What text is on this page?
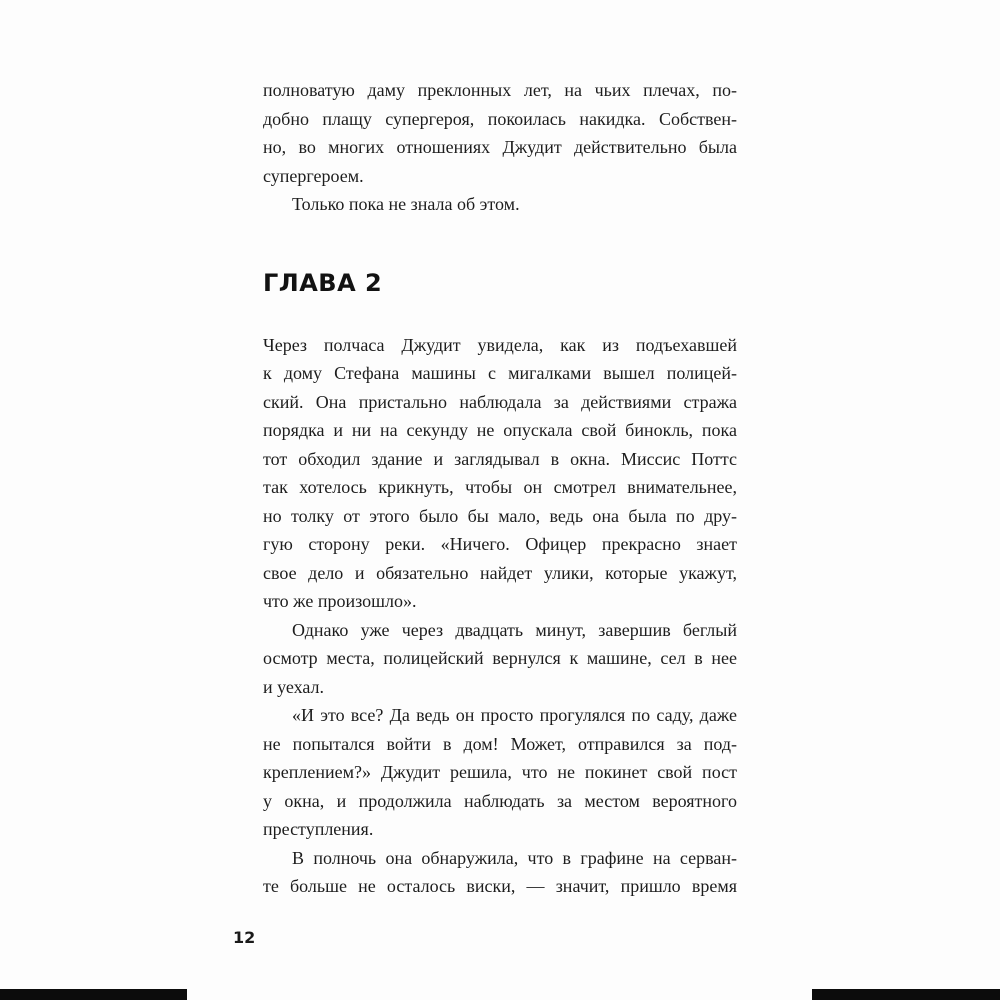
полноватую даму преклонных лет, на чьих плечах, по-
добно плащу супергероя, покоилась накидка. Собствен-
но, во многих отношениях Джудит действительно была
супергероем.
Только пока не знала об этом.
ГЛАВА 2
Через полчаса Джудит увидела, как из подъехавшей
к дому Стефана машины с мигалками вышел полицей-
ский. Она пристально наблюдала за действиями стража
порядка и ни на секунду не опускала свой бинокль, пока
тот обходил здание и заглядывал в окна. Миссис Поттс
так хотелось крикнуть, чтобы он смотрел внимательнее,
но толку от этого было бы мало, ведь она была по дру-
гую сторону реки. «Ничего. Офицер прекрасно знает
свое дело и обязательно найдет улики, которые укажут,
что же произошло».
Однако уже через двадцать минут, завершив беглый
осмотр места, полицейский вернулся к машине, сел в нее
и уехал.
«И это все? Да ведь он просто прогулялся по саду, даже
не попытался войти в дом! Может, отправился за под-
креплением?» Джудит решила, что не покинет свой пост
у окна, и продолжила наблюдать за местом вероятного
преступления.
В полночь она обнаружила, что в графине на серван-
те больше не осталось виски, — значит, пришло время
12
